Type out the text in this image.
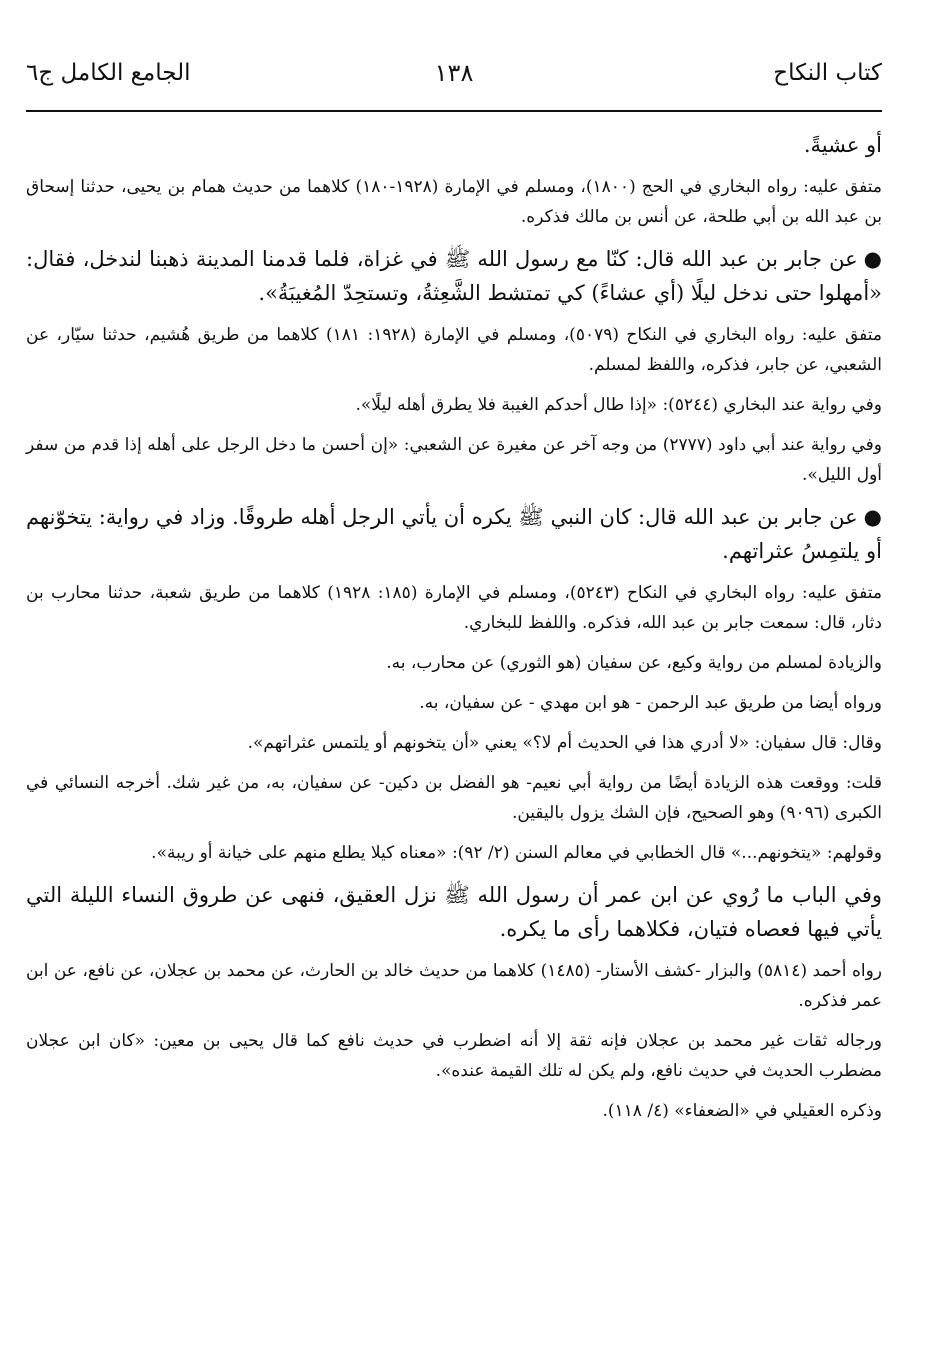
كتاب النكاح
١٣٨
الجامع الكامل ج٦

أو عشيةً.

متفق عليه: رواه البخاري في الحج (١٨٠٠)، ومسلم في الإمارة (١٩٢٨-١٨٠) كلاهما من حديث همام بن يحيى، حدثنا إسحاق بن عبد الله بن أبي طلحة، عن أنس بن مالك فذكره.

●عن جابر بن عبد الله قال: كنّا مع رسول الله ﷺ في غزاة، فلما قدمنا المدينة ذهبنا لندخل، فقال: «أمهلوا حتى ندخل ليلًا (أي عشاءً) كي تمتشط الشَّعِثةُ، وتستحِدّ المُغيبَةُ».

متفق عليه: رواه البخاري في النكاح (٥٠٧٩)، ومسلم في الإمارة (١٩٢٨: ١٨١) كلاهما من طريق هُشيم، حدثنا سيّار، عن الشعبي، عن جابر، فذكره، واللفظ لمسلم.

وفي رواية عند البخاري (٥٢٤٤): «إذا طال أحدكم الغيبة فلا يطرق أهله ليلًا».

وفي رواية عند أبي داود (٢٧٧٧) من وجه آخر عن مغيرة عن الشعبي: «إن أحسن ما دخل الرجل على أهله إذا قدم من سفر أول الليل».

●عن جابر بن عبد الله قال: كان النبي ﷺ يكره أن يأتي الرجل أهله طروقًا. وزاد في رواية: يتخوّنهم أو يلتمِسُ عثراتهم.

متفق عليه: رواه البخاري في النكاح (٥٢٤٣)، ومسلم في الإمارة (١٨٥: ١٩٢٨) كلاهما من طريق شعبة، حدثنا محارب بن دثار، قال: سمعت جابر بن عبد الله، فذكره. واللفظ للبخاري.

والزيادة لمسلم من رواية وكيع، عن سفيان (هو الثوري) عن محارب، به.

ورواه أيضا من طريق عبد الرحمن - هو ابن مهدي - عن سفيان، به.

وقال: قال سفيان: «لا أدري هذا في الحديث أم لا؟» يعني «أن يتخونهم أو يلتمس عثراتهم».

قلت: ووقعت هذه الزيادة أيضًا من رواية أبي نعيم- هو الفضل بن دكين- عن سفيان، به، من غير شك. أخرجه النسائي في الكبرى (٩٠٩٦) وهو الصحيح، فإن الشك يزول باليقين.

وقولهم: «يتخونهم...» قال الخطابي في معالم السنن (٢/ ٩٢): «معناه كيلا يطلع منهم على خيانة أو ريبة».

وفي الباب ما رُوي عن ابن عمر أن رسول الله ﷺ نزل العقيق، فنهى عن طروق النساء الليلة التي يأتي فيها فعصاه فتيان، فكلاهما رأى ما يكره.

رواه أحمد (٥٨١٤) والبزار -كشف الأستار- (١٤٨٥) كلاهما من حديث خالد بن الحارث، عن محمد بن عجلان، عن نافع، عن ابن عمر فذكره.

ورجاله ثقات غير محمد بن عجلان فإنه ثقة إلا أنه اضطرب في حديث نافع كما قال يحيى بن معين: «كان ابن عجلان مضطرب الحديث في حديث نافع، ولم يكن له تلك القيمة عنده».

وذكره العقيلي في «الضعفاء» (٤/ ١١٨).
